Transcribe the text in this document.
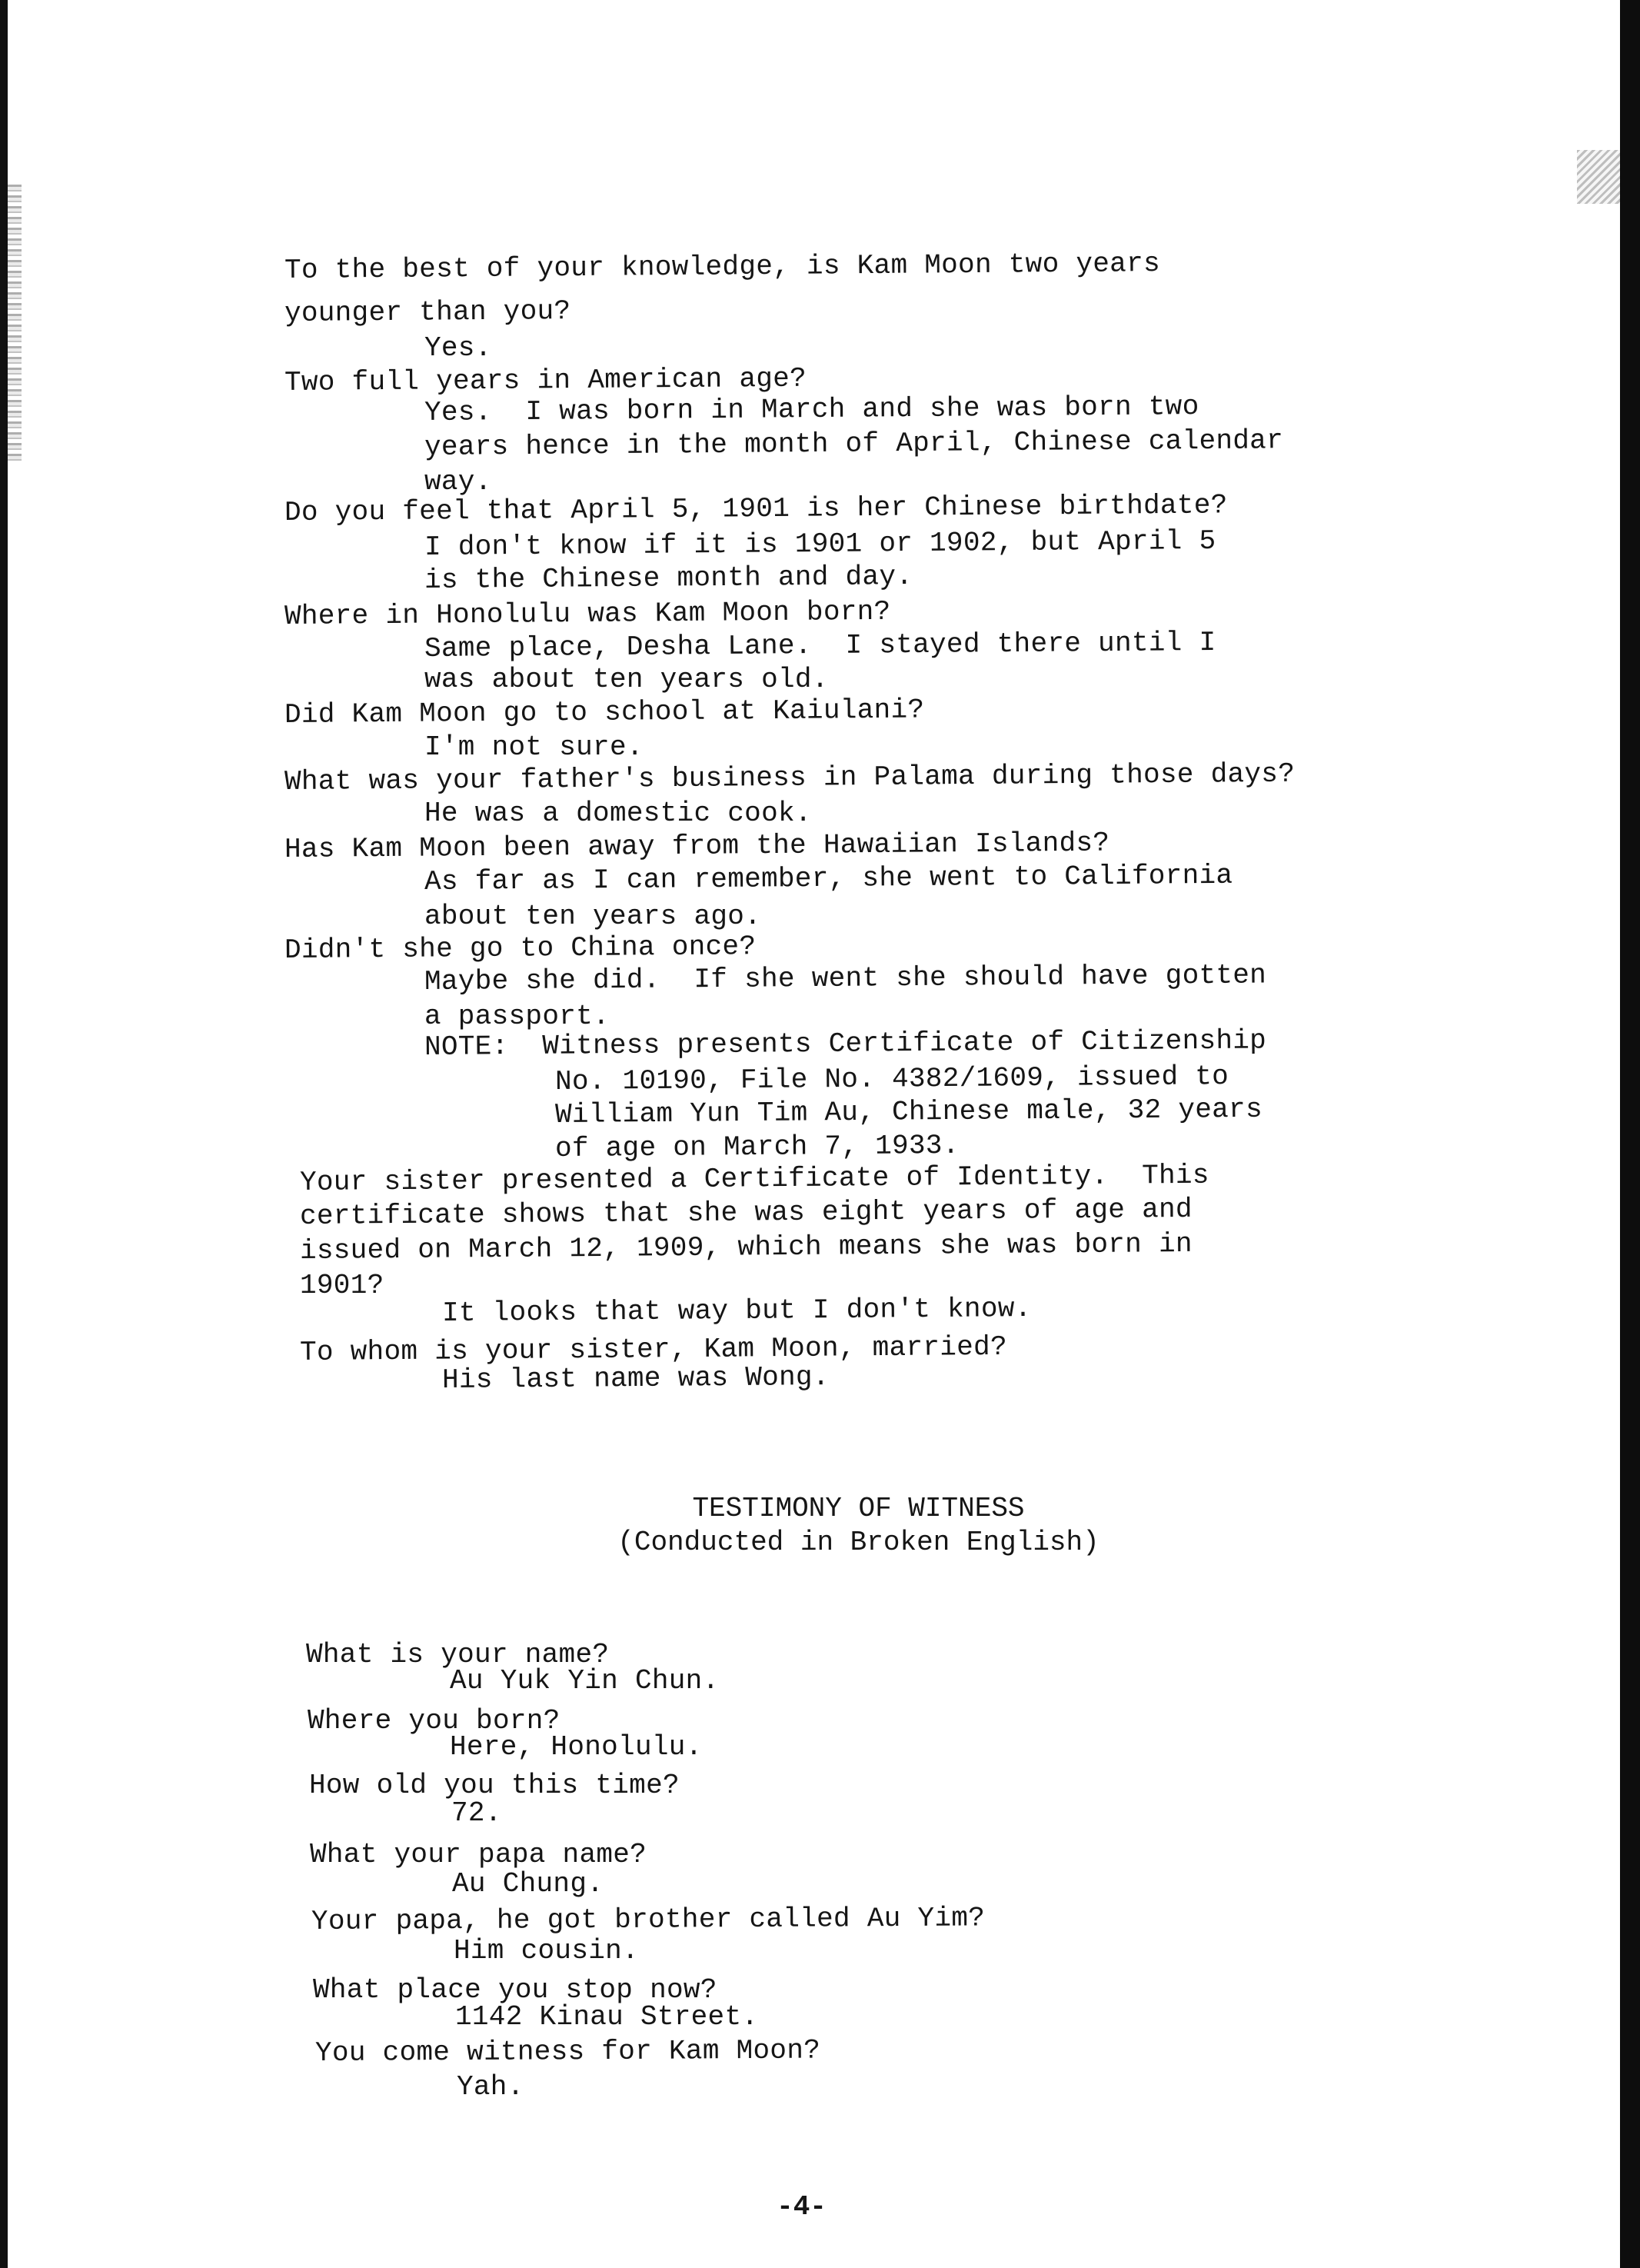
To the best of your knowledge, is Kam Moon two years
younger than you?
Yes.
Two full years in American age?
Yes.  I was born in March and she was born two
years hence in the month of April, Chinese calendar
way.
Do you feel that April 5, 1901 is her Chinese birthdate?
I don't know if it is 1901 or 1902, but April 5
is the Chinese month and day.
Where in Honolulu was Kam Moon born?
Same place, Desha Lane.  I stayed there until I
was about ten years old.
Did Kam Moon go to school at Kaiulani?
I'm not sure.
What was your father's business in Palama during those days?
He was a domestic cook.
Has Kam Moon been away from the Hawaiian Islands?
As far as I can remember, she went to California
about ten years ago.
Didn't she go to China once?
Maybe she did.  If she went she should have gotten
a passport.
NOTE:  Witness presents Certificate of Citizenship
No. 10190, File No. 4382/1609, issued to
William Yun Tim Au, Chinese male, 32 years
of age on March 7, 1933.
Your sister presented a Certificate of Identity.  This
certificate shows that she was eight years of age and
issued on March 12, 1909, which means she was born in
1901?
It looks that way but I don't know.
To whom is your sister, Kam Moon, married?
His last name was Wong.
TESTIMONY OF WITNESS
(Conducted in Broken English)
What is your name?
Au Yuk Yin Chun.
Where you born?
Here, Honolulu.
How old you this time?
72.
What your papa name?
Au Chung.
Your papa, he got brother called Au Yim?
Him cousin.
What place you stop now?
1142 Kinau Street.
You come witness for Kam Moon?
Yah.
-4-
